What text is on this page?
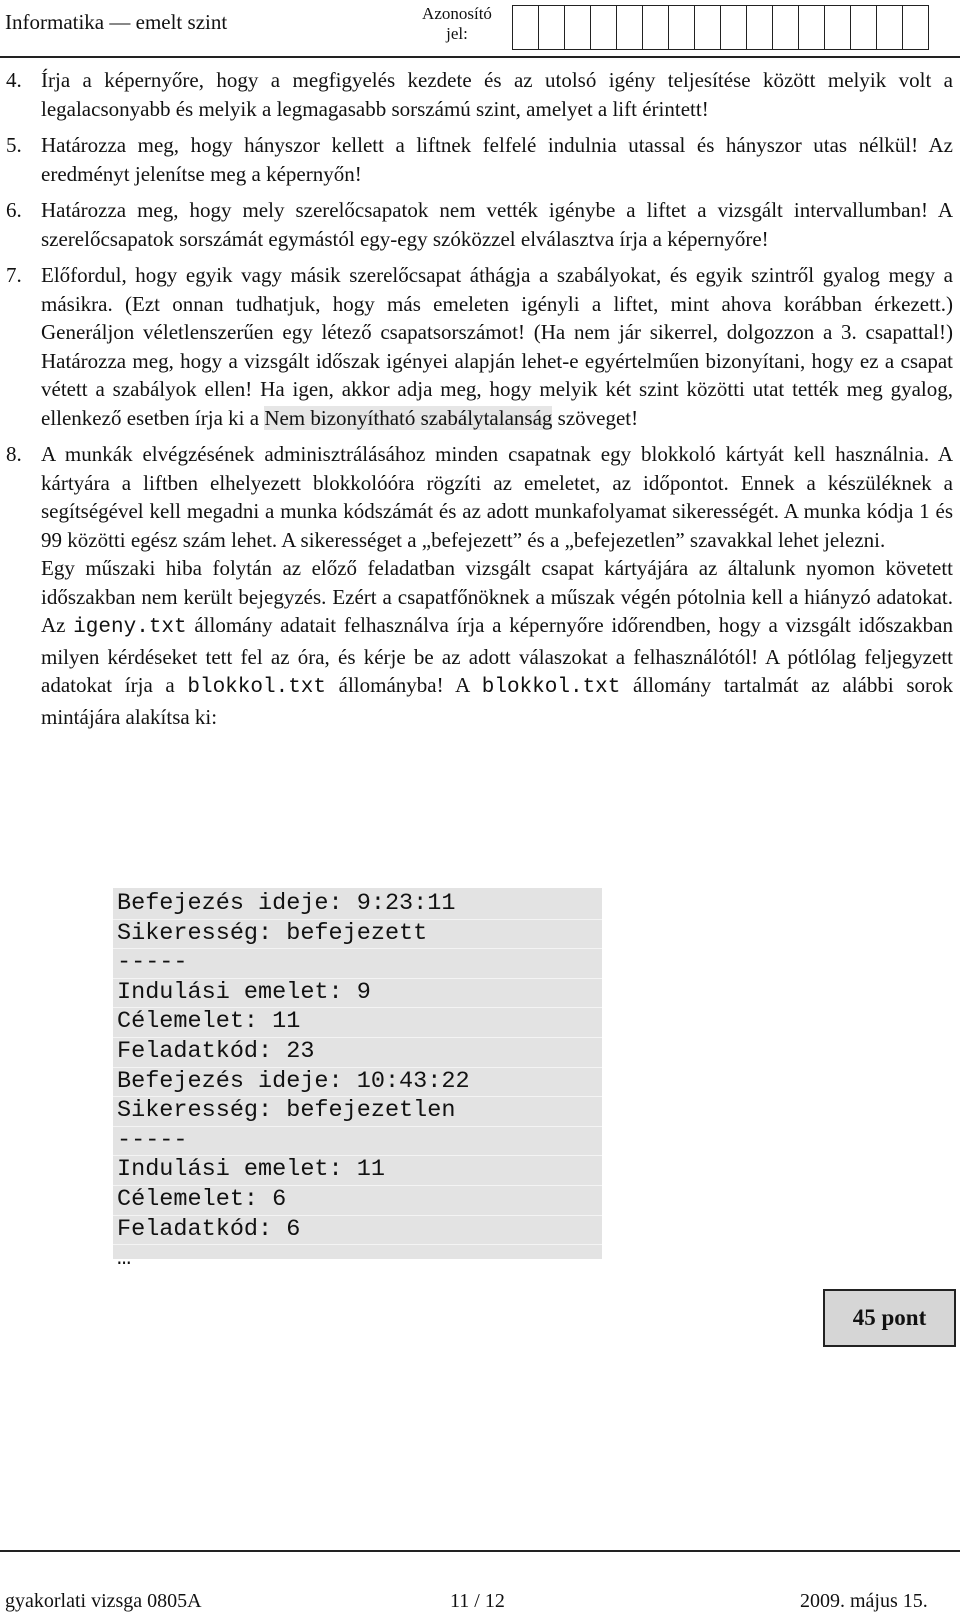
Informatika — emelt szint	Azonosító
jel:
4. Írja a képernyőre, hogy a megfigyelés kezdete és az utolsó igény teljesítése között melyik volt a legalacsonyabb és melyik a legmagasabb sorszámú szint, amelyet a lift érintett!
5. Határozza meg, hogy hányszor kellett a liftnek felfelé indulnia utassal és hányszor utas nélkül! Az eredményt jelenítse meg a képernyőn!
6. Határozza meg, hogy mely szerelőcsapatok nem vették igénybe a liftet a vizsgált intervallumban! A szerelőcsapatok sorszámát egymástól egy-egy szóközzel elválasztva írja a képernyőre!
7. Előfordul, hogy egyik vagy másik szerelőcsapat áthágja a szabályokat, és egyik szintről gyalog megy a másikra. (Ezt onnan tudhatjuk, hogy más emeleten igényli a liftet, mint ahova korábban érkezett.) Generáljon véletlenszerűen egy létező csapatsorszámot! (Ha nem jár sikerrel, dolgozzon a 3. csapattal!) Határozza meg, hogy a vizsgált időszak igényei alapján lehet-e egyértelműen bizonyítani, hogy ez a csapat vétett a szabályok ellen! Ha igen, akkor adja meg, hogy melyik két szint közötti utat tették meg gyalog, ellenkező esetben írja ki a Nem bizonyítható szabálytalanság szöveget!
8. A munkák elvégzésének adminisztrálásához minden csapatnak egy blokkoló kártyát kell használnia. A kártyára a liftben elhelyezett blokkolóóra rögzíti az emeletet, az időpontot. Ennek a készüléknek a segítségével kell megadni a munka kódszámát és az adott munkafolyamat sikerességét. A munka kódja 1 és 99 közötti egész szám lehet. A sikerességet a „befejezett” és a „befejezetlen” szavakkal lehet jelezni.
Egy műszaki hiba folytán az előző feladatban vizsgált csapat kártyájára az általunk nyomon követett időszakban nem került bejegyzés. Ezért a csapatfőnöknek a műszak végén pótolnia kell a hiányzó adatokat. Az igeny.txt állomány adatait felhasználva írja a képernyőre időrendben, hogy a vizsgált időszakban milyen kérdéseket tett fel az óra, és kérje be az adott válaszokat a felhasználótól! A pótlólag feljegyzett adatokat írja a blokkol.txt állományba! A blokkol.txt állomány tartalmát az alábbi sorok mintájára alakítsa ki:
Befejezés ideje: 9:23:11
Sikeresség: befejezett
-----
Indulási emelet: 9
Célemelet: 11
Feladatkód: 23
Befejezés ideje: 10:43:22
Sikeresség: befejezetlen
-----
Indulási emelet: 11
Célemelet: 6
Feladatkód: 6
…
45 pont
gyakorlati vizsga 0805A	11 / 12	2009. május 15.
